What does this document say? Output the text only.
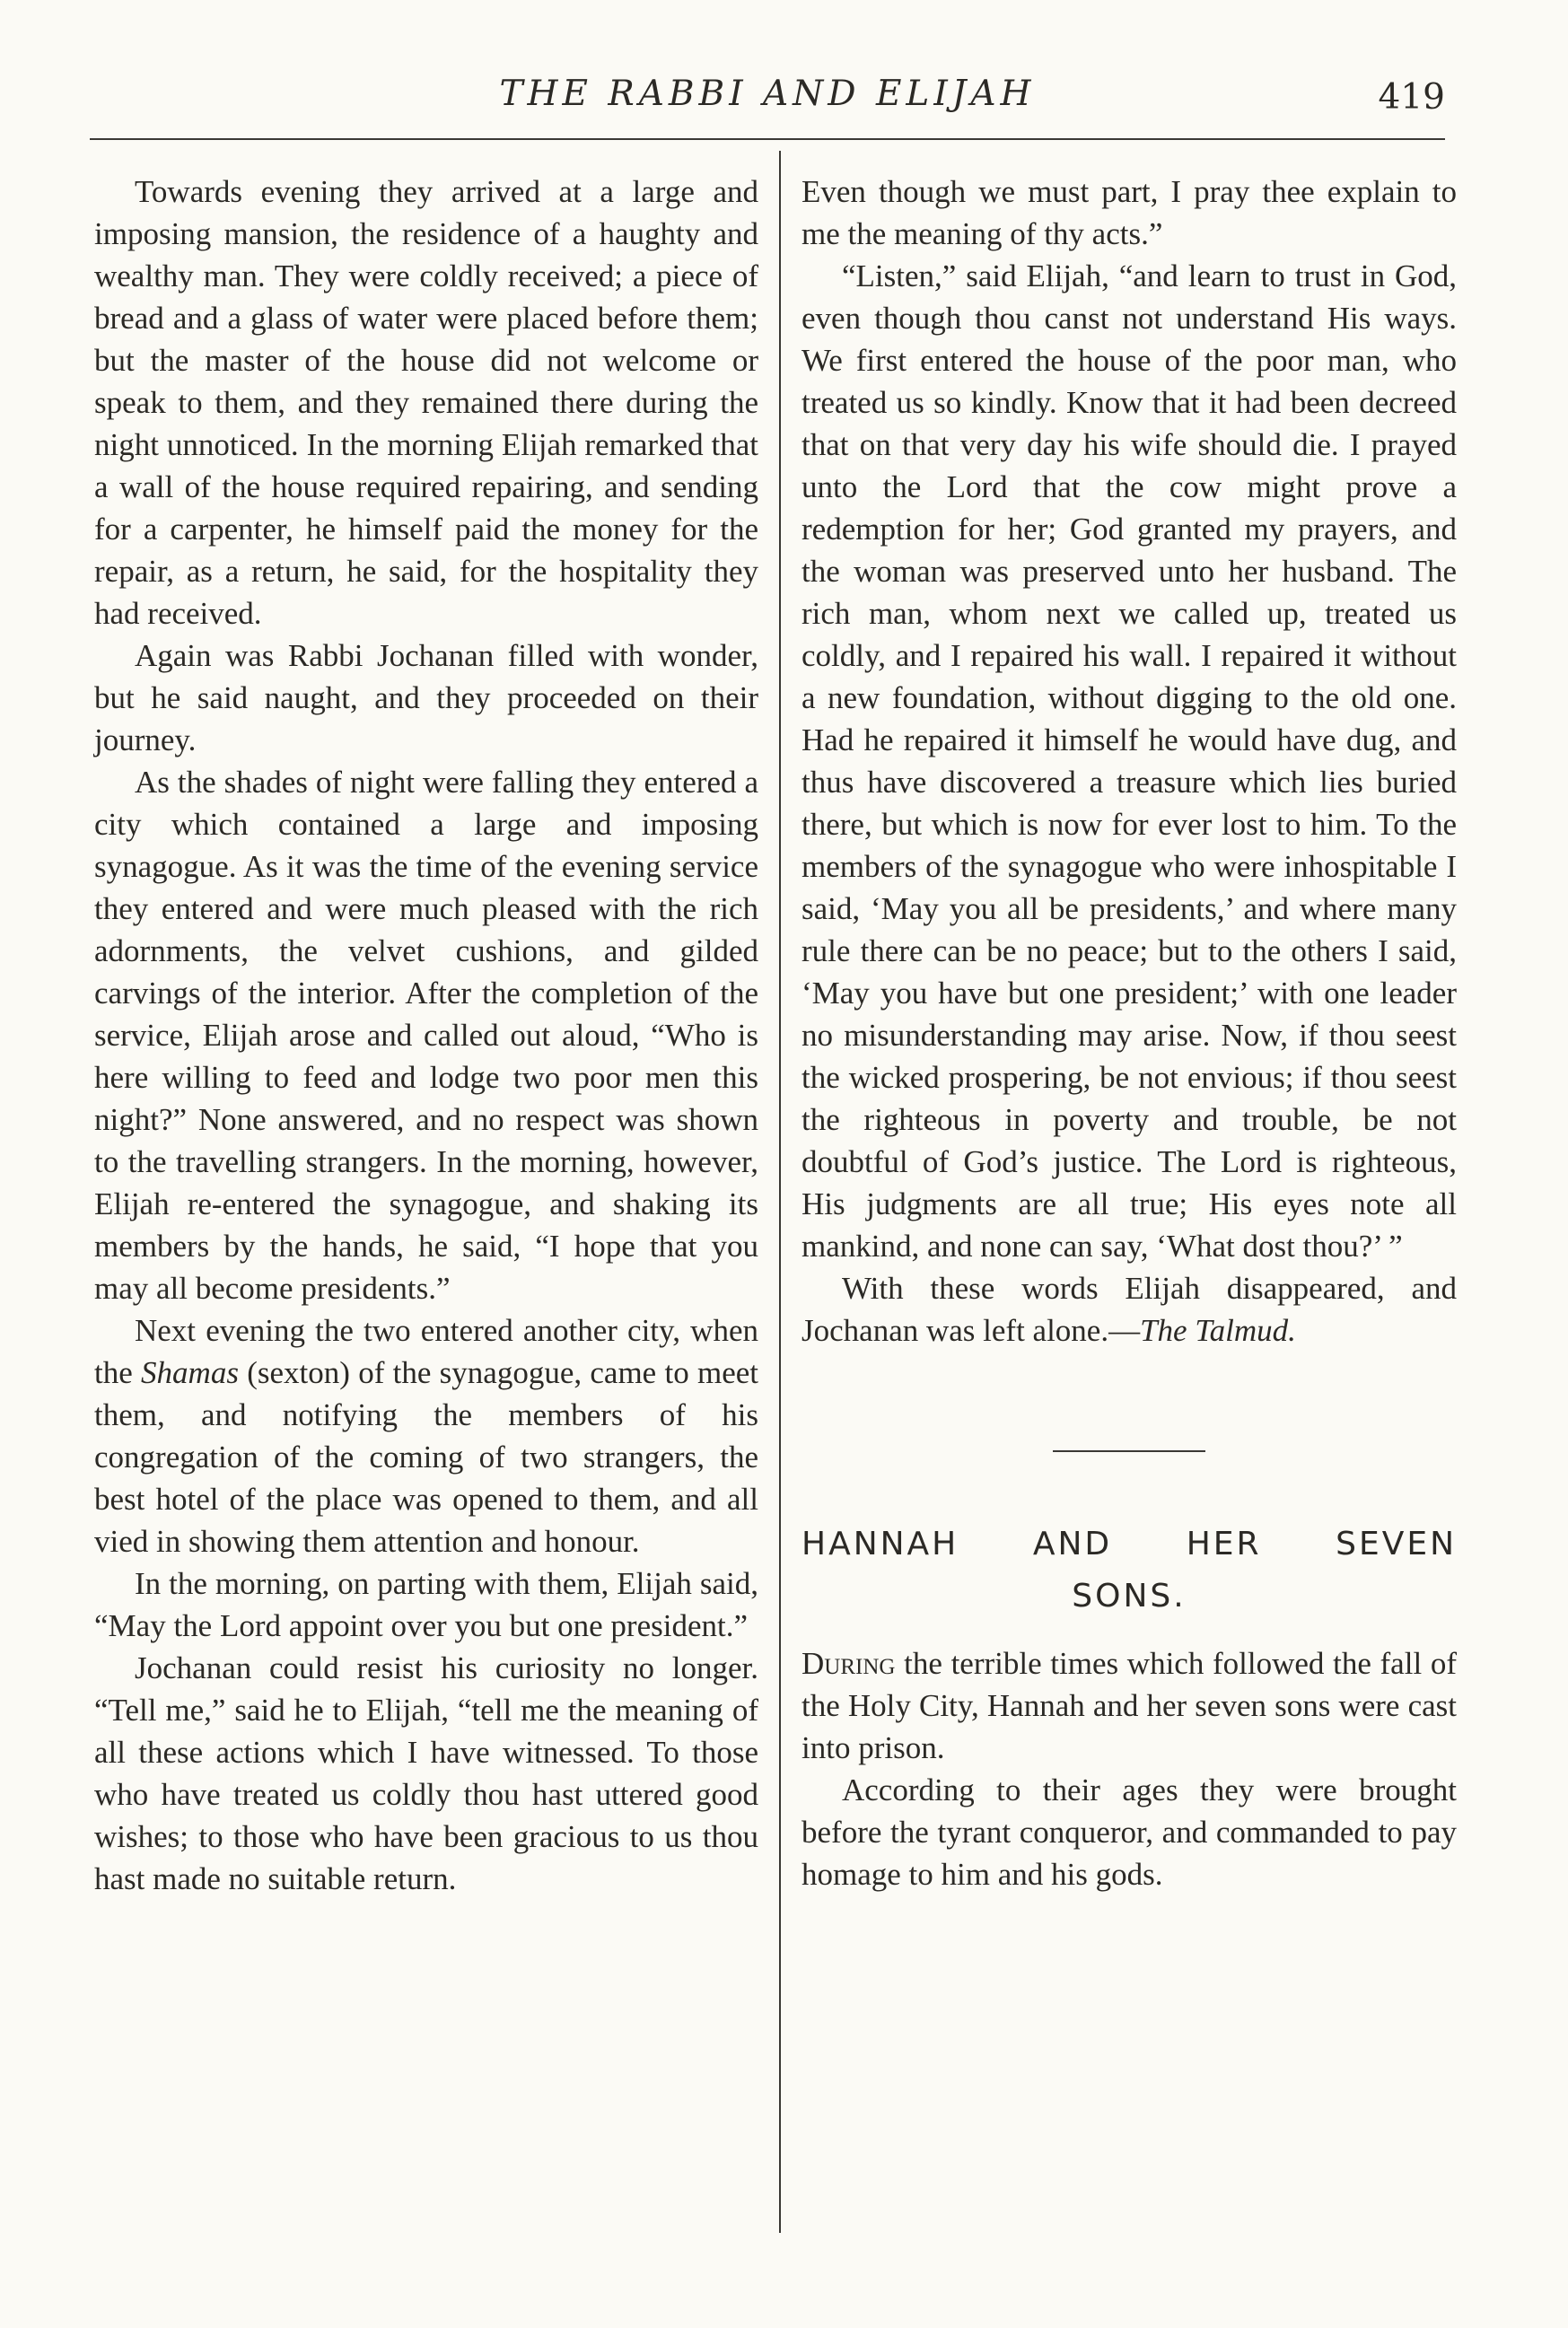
THE RABBI AND ELIJAH	419

Towards evening they arrived at a large and imposing mansion, the residence of a haughty and wealthy man. They were coldly received; a piece of bread and a glass of water were placed before them; but the master of the house did not welcome or speak to them, and they remained there during the night unnoticed. In the morning Elijah remarked that a wall of the house required repairing, and sending for a carpenter, he himself paid the money for the repair, as a return, he said, for the hospitality they had received.

Again was Rabbi Jochanan filled with wonder, but he said naught, and they proceeded on their journey.

As the shades of night were falling they entered a city which contained a large and imposing synagogue. As it was the time of the evening service they entered and were much pleased with the rich adornments, the velvet cushions, and gilded carvings of the interior. After the completion of the service, Elijah arose and called out aloud, “Who is here willing to feed and lodge two poor men this night?” None answered, and no respect was shown to the travelling strangers. In the morning, however, Elijah re-entered the synagogue, and shaking its members by the hands, he said, “I hope that you may all become presidents.”

Next evening the two entered another city, when the Shamas (sexton) of the synagogue, came to meet them, and notifying the members of his congregation of the coming of two strangers, the best hotel of the place was opened to them, and all vied in showing them attention and honour.

In the morning, on parting with them, Elijah said, “May the Lord appoint over you but one president.”

Jochanan could resist his curiosity no longer. “Tell me,” said he to Elijah, “tell me the meaning of all these actions which I have witnessed. To those who have treated us coldly thou hast uttered good wishes; to those who have been gracious to us thou hast made no suitable return.

Even though we must part, I pray thee explain to me the meaning of thy acts.”

“Listen,” said Elijah, “and learn to trust in God, even though thou canst not understand His ways. We first entered the house of the poor man, who treated us so kindly. Know that it had been decreed that on that very day his wife should die. I prayed unto the Lord that the cow might prove a redemption for her; God granted my prayers, and the woman was preserved unto her husband. The rich man, whom next we called up, treated us coldly, and I repaired his wall. I repaired it without a new foundation, without digging to the old one. Had he repaired it himself he would have dug, and thus have discovered a treasure which lies buried there, but which is now for ever lost to him. To the members of the synagogue who were inhospitable I said, ‘May you all be presidents,’ and where many rule there can be no peace; but to the others I said, ‘May you have but one president;’ with one leader no misunderstanding may arise. Now, if thou seest the wicked prospering, be not envious; if thou seest the righteous in poverty and trouble, be not doubtful of God’s justice. The Lord is righteous, His judgments are all true; His eyes note all mankind, and none can say, ‘What dost thou?’ ”

With these words Elijah disappeared, and Jochanan was left alone.—The Talmud.

HANNAH AND HER SEVEN
SONS.

During the terrible times which followed the fall of the Holy City, Hannah and her seven sons were cast into prison.

According to their ages they were brought before the tyrant conqueror, and commanded to pay homage to him and his gods.
